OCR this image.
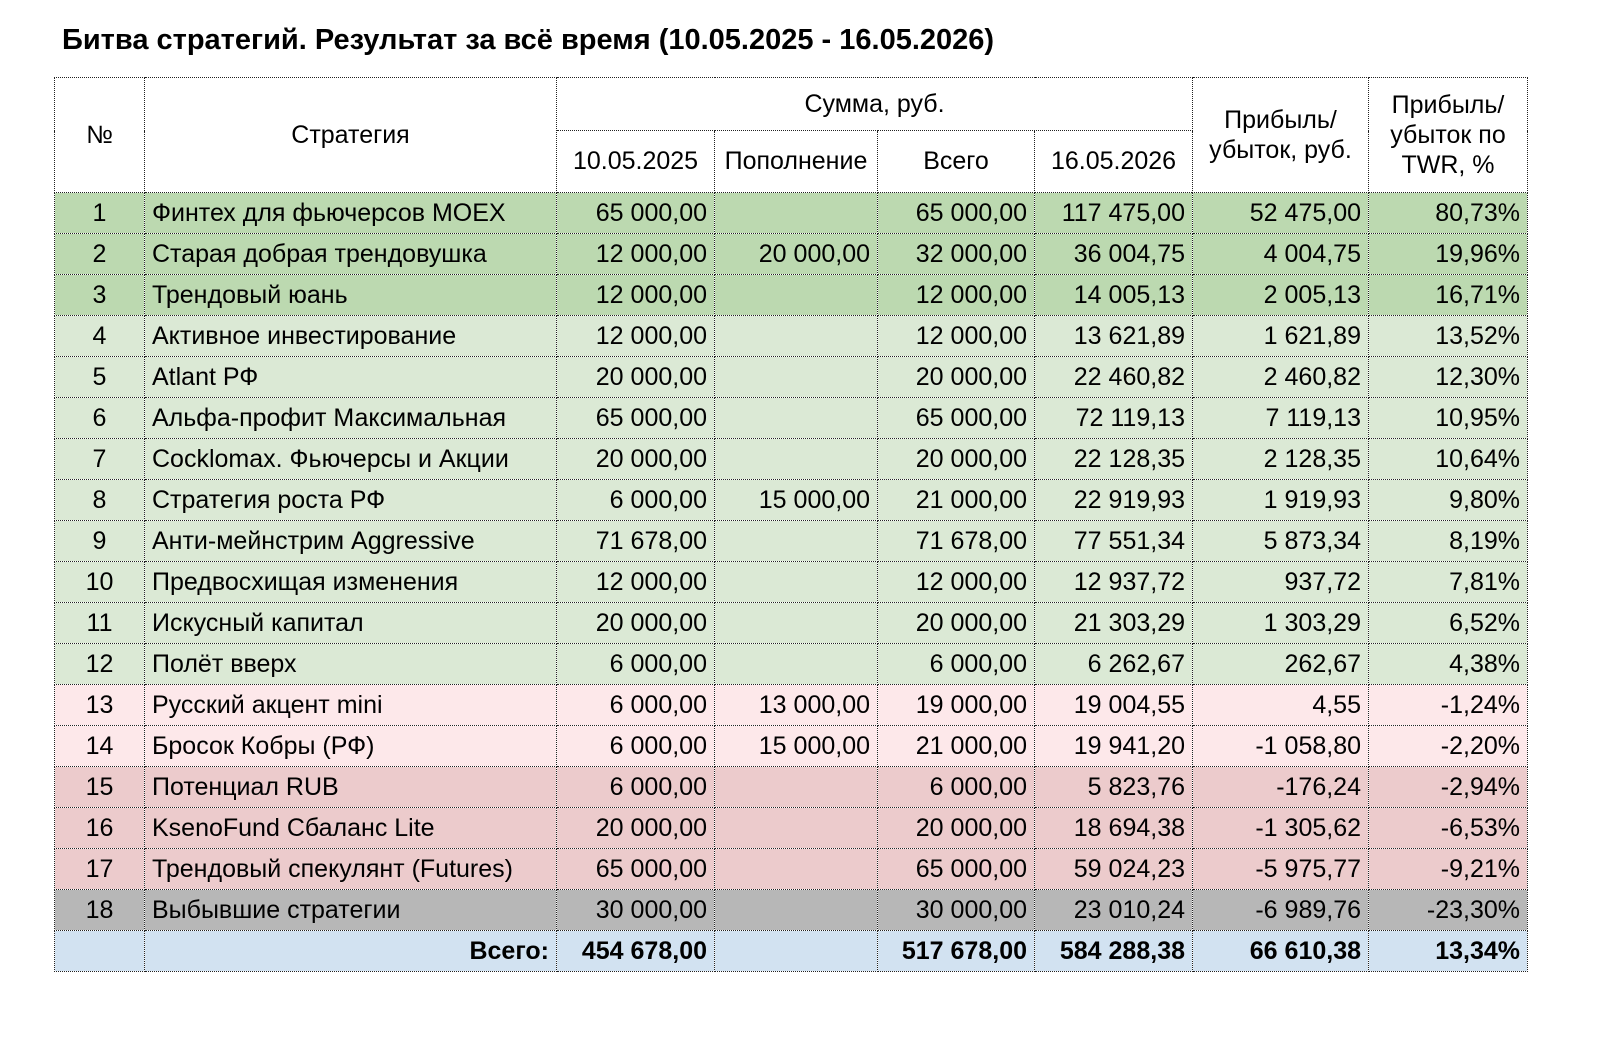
Битва стратегий. Результат за всё время (10.05.2025 - 16.05.2026)
№	Стратегия	Сумма, руб.				Прибыль/ убыток, руб.	Прибыль/ убыток по TWR, %
		10.05.2025	Пополнение	Всего	16.05.2026		
1	Финтех для фьючерсов MOEX	65 000,00		65 000,00	117 475,00	52 475,00	80,73%
2	Старая добрая трендовушка	12 000,00	20 000,00	32 000,00	36 004,75	4 004,75	19,96%
3	Трендовый юань	12 000,00		12 000,00	14 005,13	2 005,13	16,71%
4	Активное инвестирование	12 000,00		12 000,00	13 621,89	1 621,89	13,52%
5	Atlant РФ	20 000,00		20 000,00	22 460,82	2 460,82	12,30%
6	Альфа-профит Максимальная	65 000,00		65 000,00	72 119,13	7 119,13	10,95%
7	Cocklomax. Фьючерсы и Акции	20 000,00		20 000,00	22 128,35	2 128,35	10,64%
8	Стратегия роста РФ	6 000,00	15 000,00	21 000,00	22 919,93	1 919,93	9,80%
9	Анти-мейнстрим Aggressive	71 678,00		71 678,00	77 551,34	5 873,34	8,19%
10	Предвосхищая изменения	12 000,00		12 000,00	12 937,72	937,72	7,81%
11	Искусный капитал	20 000,00		20 000,00	21 303,29	1 303,29	6,52%
12	Полёт вверх	6 000,00		6 000,00	6 262,67	262,67	4,38%
13	Русский акцент mini	6 000,00	13 000,00	19 000,00	19 004,55	4,55	-1,24%
14	Бросок Кобры (РФ)	6 000,00	15 000,00	21 000,00	19 941,20	-1 058,80	-2,20%
15	Потенциал RUB	6 000,00		6 000,00	5 823,76	-176,24	-2,94%
16	KsenoFund Сбаланс Lite	20 000,00		20 000,00	18 694,38	-1 305,62	-6,53%
17	Трендовый спекулянт (Futures)	65 000,00		65 000,00	59 024,23	-5 975,77	-9,21%
18	Выбывшие стратегии	30 000,00		30 000,00	23 010,24	-6 989,76	-23,30%
	Всего:	454 678,00		517 678,00	584 288,38	66 610,38	13,34%
